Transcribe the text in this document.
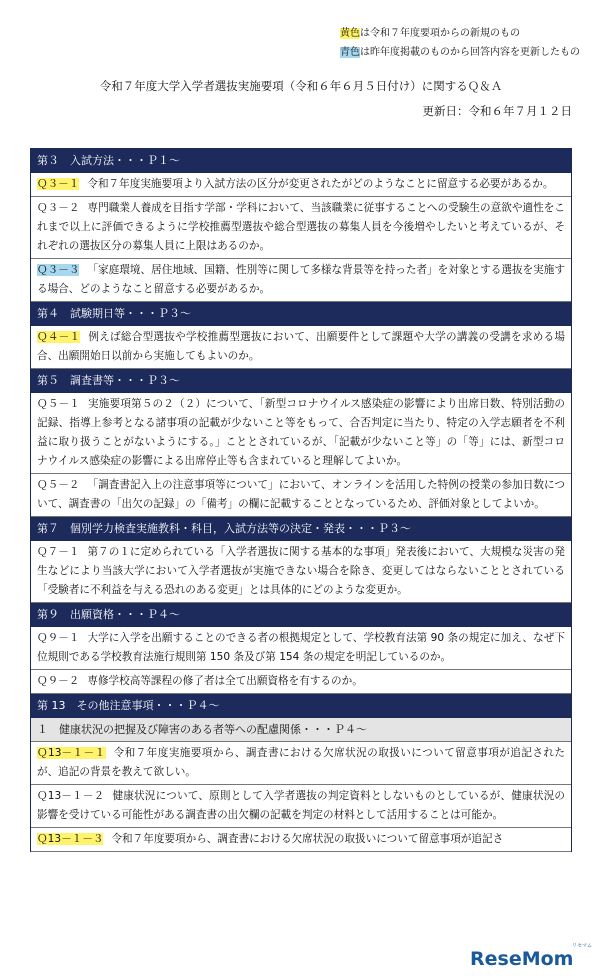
黄色は令和７年度要項からの新規のもの
青色は昨年度掲載のものから回答内容を更新したもの
令和７年度大学入学者選抜実施要項（令和６年６月５日付け）に関するＱ＆Ａ
更新日：令和６年７月１２日
第３　入試方法・・・Ｐ１～
Ｑ３－１ 令和７年度実施要項より入試方法の区分が変更されたがどのようなことに留意する必要があるか。
Ｑ３－２ 専門職業人養成を目指す学部・学科において、当該職業に従事することへの受験生の意欲や適性をこれまで以上に評価できるように学校推薦型選抜や総合型選抜の募集人員を今後増やしたいと考えているが、それぞれの選抜区分の募集人員に上限はあるのか。
Ｑ３－３ 「家庭環境、居住地域、国籍、性別等に関して多様な背景等を持った者」を対象とする選抜を実施する場合、どのようなこと留意する必要があるか。
第４　試験期日等・・・Ｐ３～
Ｑ４－１ 例えば総合型選抜や学校推薦型選抜において、出願要件として課題や大学の講義の受講を求める場合、出願開始日以前から実施してもよいのか。
第５　調査書等・・・Ｐ３～
Ｑ５－１ 実施要項第５の２（２）について、「新型コロナウイルス感染症の影響により出席日数、特別活動の記録、指導上参考となる諸事項の記載が少ないこと等をもって、合否判定に当たり、特定の入学志願者を不利益に取り扱うことがないようにする。」こととされているが、「記載が少ないこと等」の「等」には、新型コロナウイルス感染症の影響による出席停止等も含まれていると理解してよいか。
Ｑ５－２ 「調査書記入上の注意事項等について」において、オンラインを活用した特例の授業の参加日数について、調査書の「出欠の記録」の「備考」の欄に記載することとなっているため、評価対象としてよいか。
第７　個別学力検査実施教科・科目，入試方法等の決定・発表・・・Ｐ３～
Ｑ７－１ 第７の１に定められている「入学者選抜に関する基本的な事項」発表後において、大規模な災害の発生などにより当該大学において入学者選抜が実施できない場合を除き、変更してはならないこととされている「受験者に不利益を与える恐れのある変更」とは具体的にどのような変更か。
第９　出願資格・・・Ｐ４～
Ｑ９－１ 大学に入学を出願することのできる者の根拠規定として、学校教育法第 90 条の規定に加え、なぜ下位規則である学校教育法施行規則第 150 条及び第 154 条の規定を明記しているのか。
Ｑ９－２ 専修学校高等課程の修了者は全て出願資格を有するのか。
第 13　その他注意事項・・・Ｐ４～
１　健康状況の把握及び障害のある者等への配慮関係・・・Ｐ４～
Ｑ13－１－１ 令和７年度実施要項から、調査書における欠席状況の取扱いについて留意事項が追記されたが、追記の背景を教えて欲しい。
Ｑ13－１－２ 健康状況について、原則として入学者選抜の判定資料としないものとしているが、健康状況の影響を受けている可能性がある調査書の出欠欄の記載を判定の材料として活用することは可能か。
Ｑ13－１－３ 令和７年度要項から、調査書における欠席状況の取扱いについて留意事項が追記さ
リセマム
ReseMom
